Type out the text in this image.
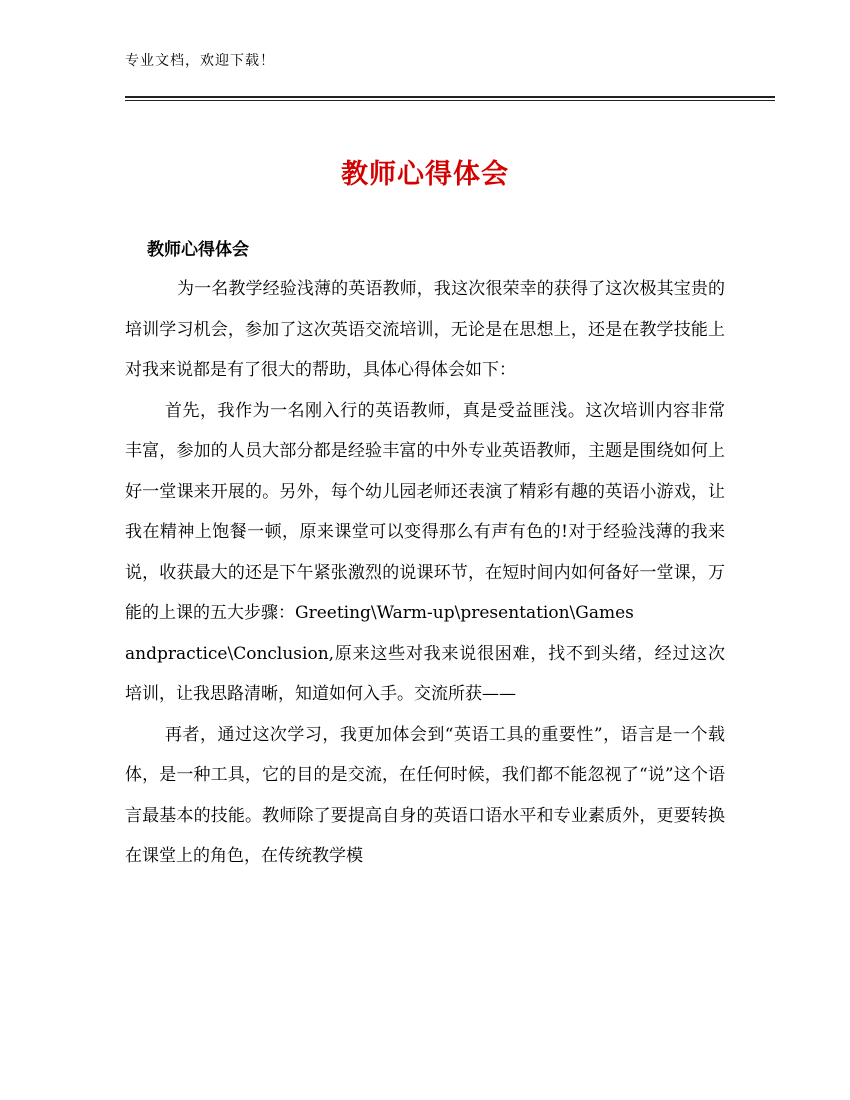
专业文档，欢迎下载！
教师心得体会
教师心得体会

为一名教学经验浅薄的英语教师，我这次很荣幸的获得了这次极其宝贵的培训学习机会，参加了这次英语交流培训，无论是在思想上，还是在教学技能上对我来说都是有了很大的帮助，具体心得体会如下：

首先，我作为一名刚入行的英语教师，真是受益匪浅。这次培训内容非常丰富，参加的人员大部分都是经验丰富的中外专业英语教师，主题是围绕如何上好一堂课来开展的。另外，每个幼儿园老师还表演了精彩有趣的英语小游戏，让我在精神上饱餐一顿，原来课堂可以变得那么有声有色的!对于经验浅薄的我来说，收获最大的还是下午紧张激烈的说课环节，在短时间内如何备好一堂课，万能的上课的五大步骤：Greeting\Warm-up\presentation\Games

andpractice\Conclusion,原来这些对我来说很困难，找不到头绪，经过这次培训，让我思路清晰，知道如何入手。交流所获——

再者，通过这次学习，我更加体会到“英语工具的重要性”，语言是一个载体，是一种工具，它的目的是交流，在任何时候，我们都不能忽视了“说”这个语言最基本的技能。教师除了要提高自身的英语口语水平和专业素质外，更要转换在课堂上的角色，在传统教学模
